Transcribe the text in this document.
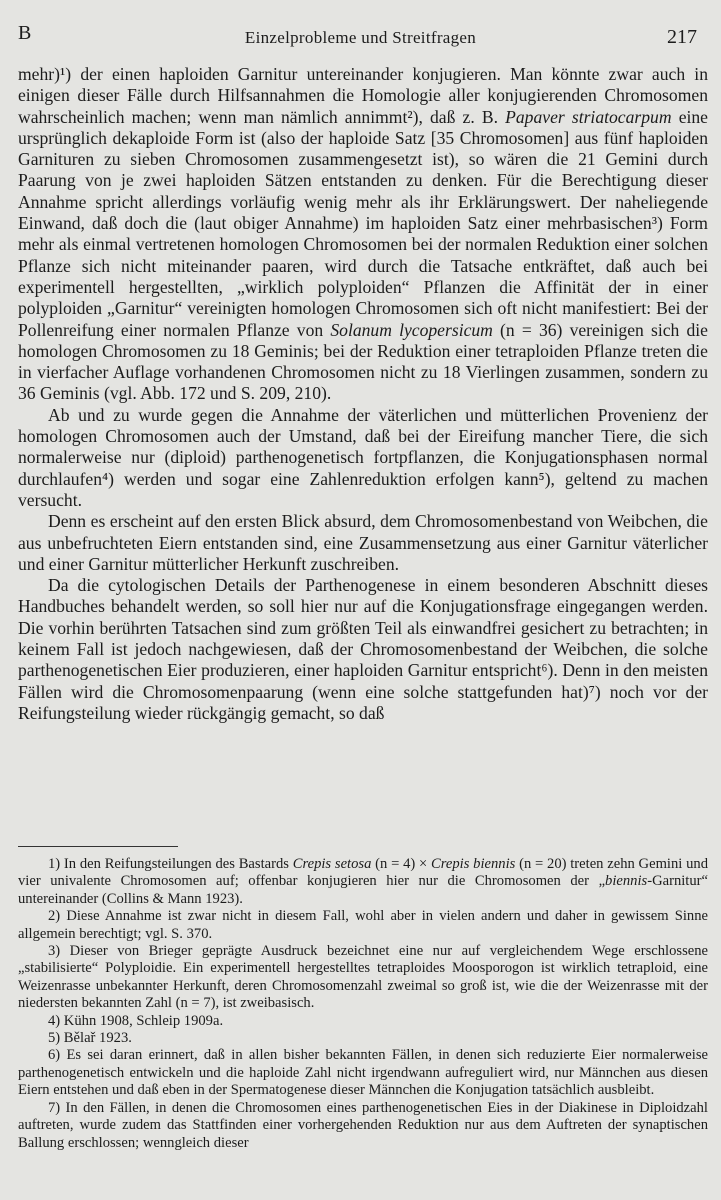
B	Einzelprobleme und Streitfragen	217

mehr)¹) der einen haploiden Garnitur untereinander konjugieren. Man könnte zwar auch in einigen dieser Fälle durch Hilfsannahmen die Homologie aller konjugierenden Chromosomen wahrscheinlich machen; wenn man nämlich annimmt²), daß z. B. Papaver striatocarpum eine ursprünglich dekaploide Form ist (also der haploide Satz [35 Chromosomen] aus fünf haploiden Garnituren zu sieben Chromosomen zusammengesetzt ist), so wären die 21 Gemini durch Paarung von je zwei haploiden Sätzen entstanden zu denken. Für die Berechtigung dieser Annahme spricht allerdings vorläufig wenig mehr als ihr Erklärungswert. Der naheliegende Einwand, daß doch die (laut obiger Annahme) im haploiden Satz einer mehrbasischen³) Form mehr als einmal vertretenen homologen Chromosomen bei der normalen Reduktion einer solchen Pflanze sich nicht miteinander paaren, wird durch die Tatsache entkräftet, daß auch bei experimentell hergestellten, „wirklich polyploiden“ Pflanzen die Affinität der in einer polyploiden „Garnitur“ vereinigten homologen Chromosomen sich oft nicht manifestiert: Bei der Pollenreifung einer normalen Pflanze von Solanum lycopersicum (n = 36) vereinigen sich die homologen Chromosomen zu 18 Geminis; bei der Reduktion einer tetraploiden Pflanze treten die in vierfacher Auflage vorhandenen Chromosomen nicht zu 18 Vierlingen zusammen, sondern zu 36 Geminis (vgl. Abb. 172 und S. 209, 210).

Ab und zu wurde gegen die Annahme der väterlichen und mütterlichen Provenienz der homologen Chromosomen auch der Umstand, daß bei der Eireifung mancher Tiere, die sich normalerweise nur (diploid) parthenogenetisch fortpflanzen, die Konjugationsphasen normal durchlaufen⁴) werden und sogar eine Zahlenreduktion erfolgen kann⁵), geltend zu machen versucht.

Denn es erscheint auf den ersten Blick absurd, dem Chromosomenbestand von Weibchen, die aus unbefruchteten Eiern entstanden sind, eine Zusammensetzung aus einer Garnitur väterlicher und einer Garnitur mütterlicher Herkunft zuschreiben.

Da die cytologischen Details der Parthenogenese in einem besonderen Abschnitt dieses Handbuches behandelt werden, so soll hier nur auf die Konjugationsfrage eingegangen werden. Die vorhin berührten Tatsachen sind zum größten Teil als einwandfrei gesichert zu betrachten; in keinem Fall ist jedoch nachgewiesen, daß der Chromosomenbestand der Weibchen, die solche parthenogenetischen Eier produzieren, einer haploiden Garnitur entspricht⁶). Denn in den meisten Fällen wird die Chromosomenpaarung (wenn eine solche stattgefunden hat)⁷) noch vor der Reifungsteilung wieder rückgängig gemacht, so daß

1) In den Reifungsteilungen des Bastards Crepis setosa (n = 4) × Crepis biennis (n = 20) treten zehn Gemini und vier univalente Chromosomen auf; offenbar konjugieren hier nur die Chromosomen der „biennis-Garnitur“ untereinander (Collins & Mann 1923).

2) Diese Annahme ist zwar nicht in diesem Fall, wohl aber in vielen andern und daher in gewissem Sinne allgemein berechtigt; vgl. S. 370.

3) Dieser von Brieger geprägte Ausdruck bezeichnet eine nur auf vergleichendem Wege erschlossene „stabilisierte“ Polyploidie. Ein experimentell hergestelltes tetraploides Moosporogon ist wirklich tetraploid, eine Weizenrasse unbekannter Herkunft, deren Chromosomenzahl zweimal so groß ist, wie die der Weizenrasse mit der niedersten bekannten Zahl (n = 7), ist zweibasisch.

4) Kühn 1908, Schleip 1909a.

5) Bělař 1923.

6) Es sei daran erinnert, daß in allen bisher bekannten Fällen, in denen sich reduzierte Eier normalerweise parthenogenetisch entwickeln und die haploide Zahl nicht irgendwann aufreguliert wird, nur Männchen aus diesen Eiern entstehen und daß eben in der Spermatogenese dieser Männchen die Konjugation tatsächlich ausbleibt.

7) In den Fällen, in denen die Chromosomen eines parthenogenetischen Eies in der Diakinese in Diploidzahl auftreten, wurde zudem das Stattfinden einer vorhergehenden Reduktion nur aus dem Auftreten der synaptischen Ballung erschlossen; wenngleich dieser
